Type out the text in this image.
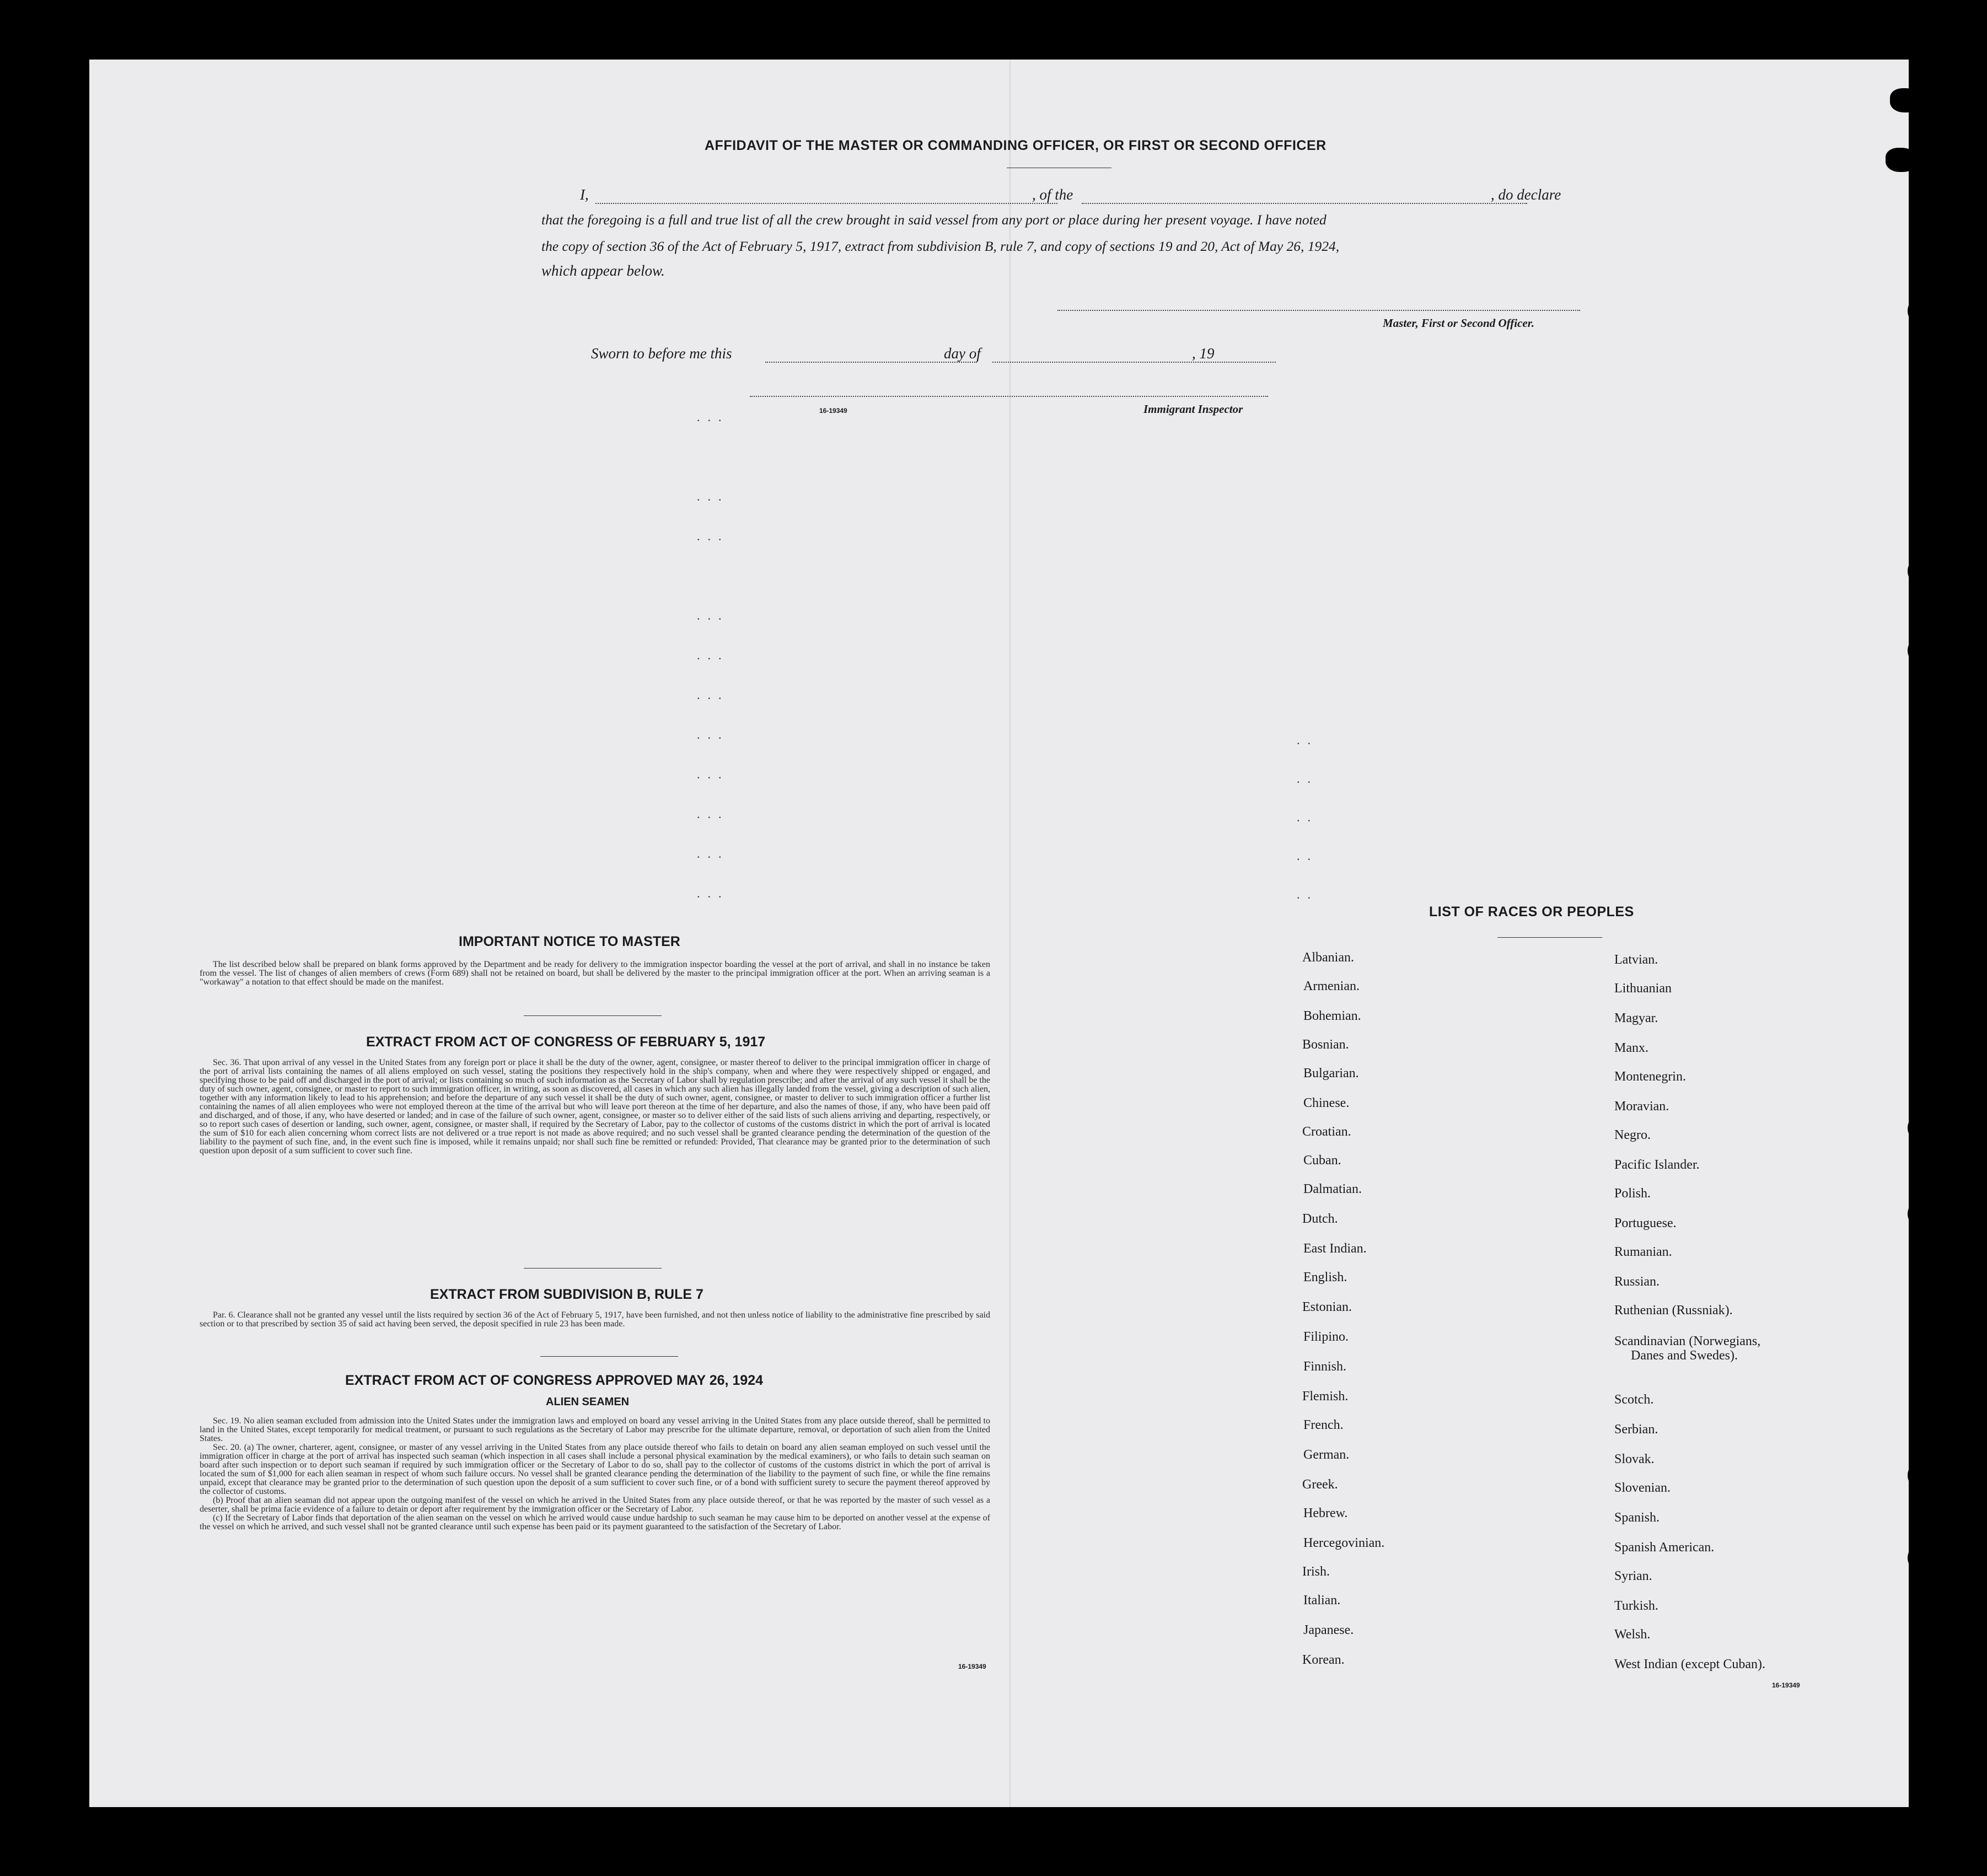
AFFIDAVIT OF THE MASTER OR COMMANDING OFFICER, OR FIRST OR SECOND OFFICER
I,	, of the	, do declare
that the foregoing is a full and true list of all the crew brought in said vessel from any port or place during her present voyage. I have noted
the copy of section 36 of the Act of February 5, 1917, extract from subdivision B, rule 7, and copy of sections 19 and 20, Act of May 26, 1924,
which appear below.
Master, First or Second Officer.
Sworn to before me this	day of	, 19
16-19349	Immigrant Inspector
...
...
...
...
...
...
...
...
...
...
...
..
..
..
..
..
IMPORTANT NOTICE TO MASTER

The list described below shall be prepared on blank forms approved by the Department and be ready for delivery to the immigration inspector boarding the vessel at the port of arrival, and shall in no instance be taken from the vessel. The list of changes of alien members of crews (Form 689) shall not be retained on board, but shall be delivered by the master to the principal immigration officer at the port. When an arriving seaman is a "workaway" a notation to that effect should be made on the manifest.

EXTRACT FROM ACT OF CONGRESS OF FEBRUARY 5, 1917

Sec. 36. That upon arrival of any vessel in the United States from any foreign port or place it shall be the duty of the owner, agent, consignee, or master thereof to deliver to the principal immigration officer in charge of the port of arrival lists containing the names of all aliens employed on such vessel, stating the positions they respectively hold in the ship's company, when and where they were respectively shipped or engaged, and specifying those to be paid off and discharged in the port of arrival; or lists containing so much of such information as the Secretary of Labor shall by regulation prescribe; and after the arrival of any such vessel it shall be the duty of such owner, agent, consignee, or master to report to such immigration officer, in writing, as soon as discovered, all cases in which any such alien has illegally landed from the vessel, giving a description of such alien, together with any information likely to lead to his apprehension; and before the departure of any such vessel it shall be the duty of such owner, agent, consignee, or master to deliver to such immigration officer a further list containing the names of all alien employees who were not employed thereon at the time of the arrival but who will leave port thereon at the time of her departure, and also the names of those, if any, who have been paid off and discharged, and of those, if any, who have deserted or landed; and in case of the failure of such owner, agent, consignee, or master so to deliver either of the said lists of such aliens arriving and departing, respectively, or so to report such cases of desertion or landing, such owner, agent, consignee, or master shall, if required by the Secretary of Labor, pay to the collector of customs of the customs district in which the port of arrival is located the sum of $10 for each alien concerning whom correct lists are not delivered or a true report is not made as above required; and no such vessel shall be granted clearance pending the determination of the question of the liability to the payment of such fine, and, in the event such fine is imposed, while it remains unpaid; nor shall such fine be remitted or refunded: Provided, That clearance may be granted prior to the determination of such question upon deposit of a sum sufficient to cover such fine.

EXTRACT FROM SUBDIVISION B, RULE 7

Par. 6. Clearance shall not be granted any vessel until the lists required by section 36 of the Act of February 5, 1917, have been furnished, and not then unless notice of liability to the administrative fine prescribed by said section or to that prescribed by section 35 of said act having been served, the deposit specified in rule 23 has been made.

EXTRACT FROM ACT OF CONGRESS APPROVED MAY 26, 1924
ALIEN SEAMEN

Sec. 19. No alien seaman excluded from admission into the United States under the immigration laws and employed on board any vessel arriving in the United States from any place outside thereof, shall be permitted to land in the United States, except temporarily for medical treatment, or pursuant to such regulations as the Secretary of Labor may prescribe for the ultimate departure, removal, or deportation of such alien from the United States.

Sec. 20. (a) The owner, charterer, agent, consignee, or master of any vessel arriving in the United States from any place outside thereof who fails to detain on board any alien seaman employed on such vessel until the immigration officer in charge at the port of arrival has inspected such seaman (which inspection in all cases shall include a personal physical examination by the medical examiners), or who fails to detain such seaman on board after such inspection or to deport such seaman if required by such immigration officer or the Secretary of Labor to do so, shall pay to the collector of customs of the customs district in which the port of arrival is located the sum of $1,000 for each alien seaman in respect of whom such failure occurs. No vessel shall be granted clearance pending the determination of the liability to the payment of such fine, or while the fine remains unpaid, except that clearance may be granted prior to the determination of such question upon the deposit of a sum sufficient to cover such fine, or of a bond with sufficient surety to secure the payment thereof approved by the collector of customs.

(b) Proof that an alien seaman did not appear upon the outgoing manifest of the vessel on which he arrived in the United States from any place outside thereof, or that he was reported by the master of such vessel as a deserter, shall be prima facie evidence of a failure to detain or deport after requirement by the immigration officer or the Secretary of Labor.

(c) If the Secretary of Labor finds that deportation of the alien seaman on the vessel on which he arrived would cause undue hardship to such seaman he may cause him to be deported on another vessel at the expense of the vessel on which he arrived, and such vessel shall not be granted clearance until such expense has been paid or its payment guaranteed to the satisfaction of the Secretary of Labor.

16-19349
LIST OF RACES OR PEOPLES
Albanian.
Armenian.
Bohemian.
Bosnian.
Bulgarian.
Chinese.
Croatian.
Cuban.
Dalmatian.
Dutch.
East Indian.
English.
Estonian.
Filipino.
Finnish.
Flemish.
French.
German.
Greek.
Hebrew.
Hercegovinian.
Irish.
Italian.
Japanese.
Korean.
Latvian.
Lithuanian
Magyar.
Manx.
Montenegrin.
Moravian.
Negro.
Pacific Islander.
Polish.
Portuguese.
Rumanian.
Russian.
Ruthenian (Russniak).
Scandinavian (Norwegians,
Danes and Swedes).
Scotch.
Serbian.
Slovak.
Slovenian.
Spanish.
Spanish American.
Syrian.
Turkish.
Welsh.
West Indian (except Cuban).
16-19349
